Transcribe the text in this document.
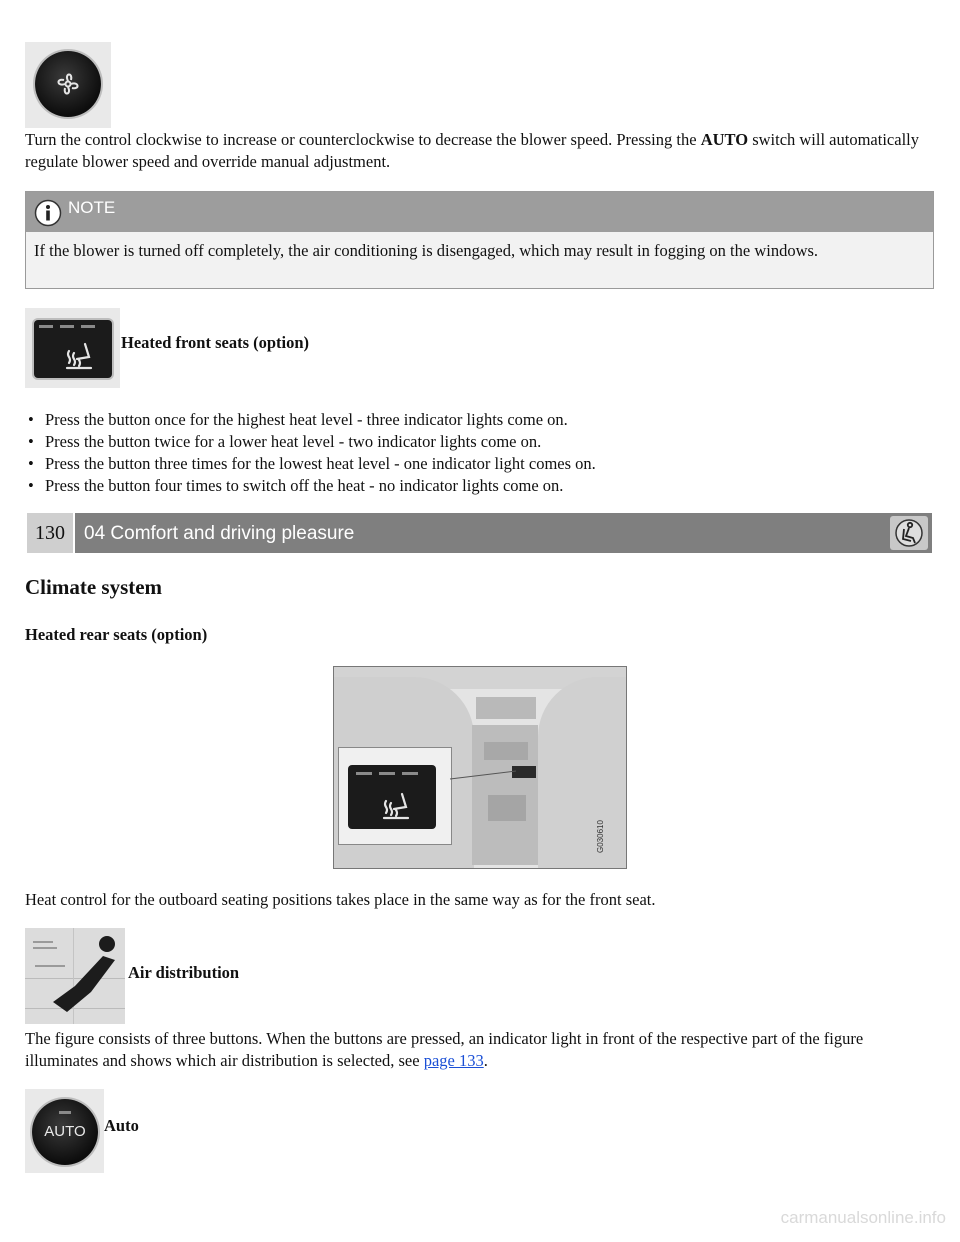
Turn the control clockwise to increase or counterclockwise to decrease the blower speed. Pressing the AUTO switch will automatically regulate blower speed and override manual adjustment.
NOTE
If the blower is turned off completely, the air conditioning is disengaged, which may result in fogging on the windows.
Heated front seats (option)
• Press the button once for the highest heat level - three indicator lights come on.
• Press the button twice for a lower heat level - two indicator lights come on.
• Press the button three times for the lowest heat level - one indicator light comes on.
• Press the button four times to switch off the heat - no indicator lights come on.
130	04 Comfort and driving pleasure
Climate system
Heated rear seats (option)
G030610
Heat control for the outboard seating positions takes place in the same way as for the front seat.
Air distribution
The figure consists of three buttons. When the buttons are pressed, an indicator light in front of the respective part of the figure illuminates and shows which air distribution is selected, see page 133.
AUTO	Auto
carmanualsonline.info
